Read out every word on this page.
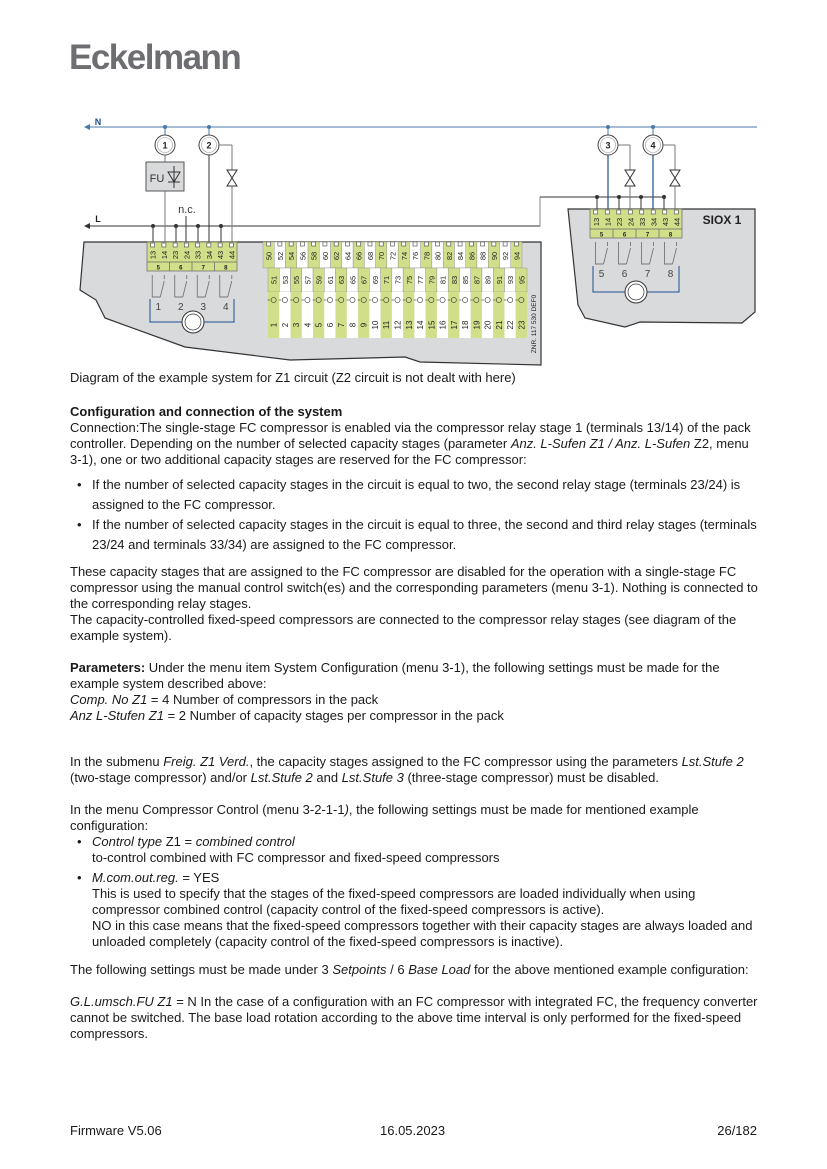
Eckelmann
N
L
1	2	3	4
FU
n.c.
13 14 23 24 33 34 43 44
5	6	7	8
1 2 3 4
13 14 23 24 33 34 43 44
5	6	7	8
SIOX 1
5 6 7 8
50 52 54 56 58 60 62 64 66 68 70 72 74 76 78 80 82 84 86 88 90 92 94
51 53 55 57 59 61 63 65 67 69 71 73 75 77 79 81 83 85 87 89 91 93 95
1 2 3 4 5 6 7 8 9 10 11 12 13 14 15 16 17 18 19 20 21 22 23 ZNR. 117 530 DEF0
Diagram of the example system for Z1 circuit (Z2 circuit is not dealt with here)
Configuration and connection of the system
Connection:The single-stage FC compressor is enabled via the compressor relay stage 1 (terminals 13/14) of the pack controller. Depending on the number of selected capacity stages (parameter Anz. L-Sufen Z1 / Anz. L-Sufen Z2, menu 3-1), one or two additional capacity stages are reserved for the FC compressor:
• If the number of selected capacity stages in the circuit is equal to two, the second relay stage (terminals 23/24) is assigned to the FC compressor.
• If the number of selected capacity stages in the circuit is equal to three, the second and third relay stages (terminals 23/24 and terminals 33/34) are assigned to the FC compressor.
These capacity stages that are assigned to the FC compressor are disabled for the operation with a single-stage FC compressor using the manual control switch(es) and the corresponding parameters (menu 3-1). Nothing is connected to the corresponding relay stages.
The capacity-controlled fixed-speed compressors are connected to the compressor relay stages (see diagram of the example system).
Parameters: Under the menu item System Configuration (menu 3-1), the following settings must be made for the example system described above:
Comp. No Z1 = 4 Number of compressors in the pack
Anz L-Stufen Z1 = 2 Number of capacity stages per compressor in the pack
In the submenu Freig. Z1 Verd., the capacity stages assigned to the FC compressor using the parameters Lst.Stufe 2 (two-stage compressor) and/or Lst.Stufe 2 and Lst.Stufe 3 (three-stage compressor) must be disabled.
In the menu Compressor Control (menu 3-2-1-1), the following settings must be made for mentioned example configuration:
• Control type Z1 = combined control
to-control combined with FC compressor and fixed-speed compressors
• M.com.out.reg. = YES
This is used to specify that the stages of the fixed-speed compressors are loaded individually when using compressor combined control (capacity control of the fixed-speed compressors is active).
NO in this case means that the fixed-speed compressors together with their capacity stages are always loaded and unloaded completely (capacity control of the fixed-speed compressors is inactive).
The following settings must be made under 3 Setpoints / 6 Base Load for the above mentioned example configuration:
G.L.umsch.FU Z1 = N In the case of a configuration with an FC compressor with integrated FC, the frequency converter cannot be switched. The base load rotation according to the above time interval is only performed for the fixed-speed compressors.
Firmware V5.06	16.05.2023	26/182
